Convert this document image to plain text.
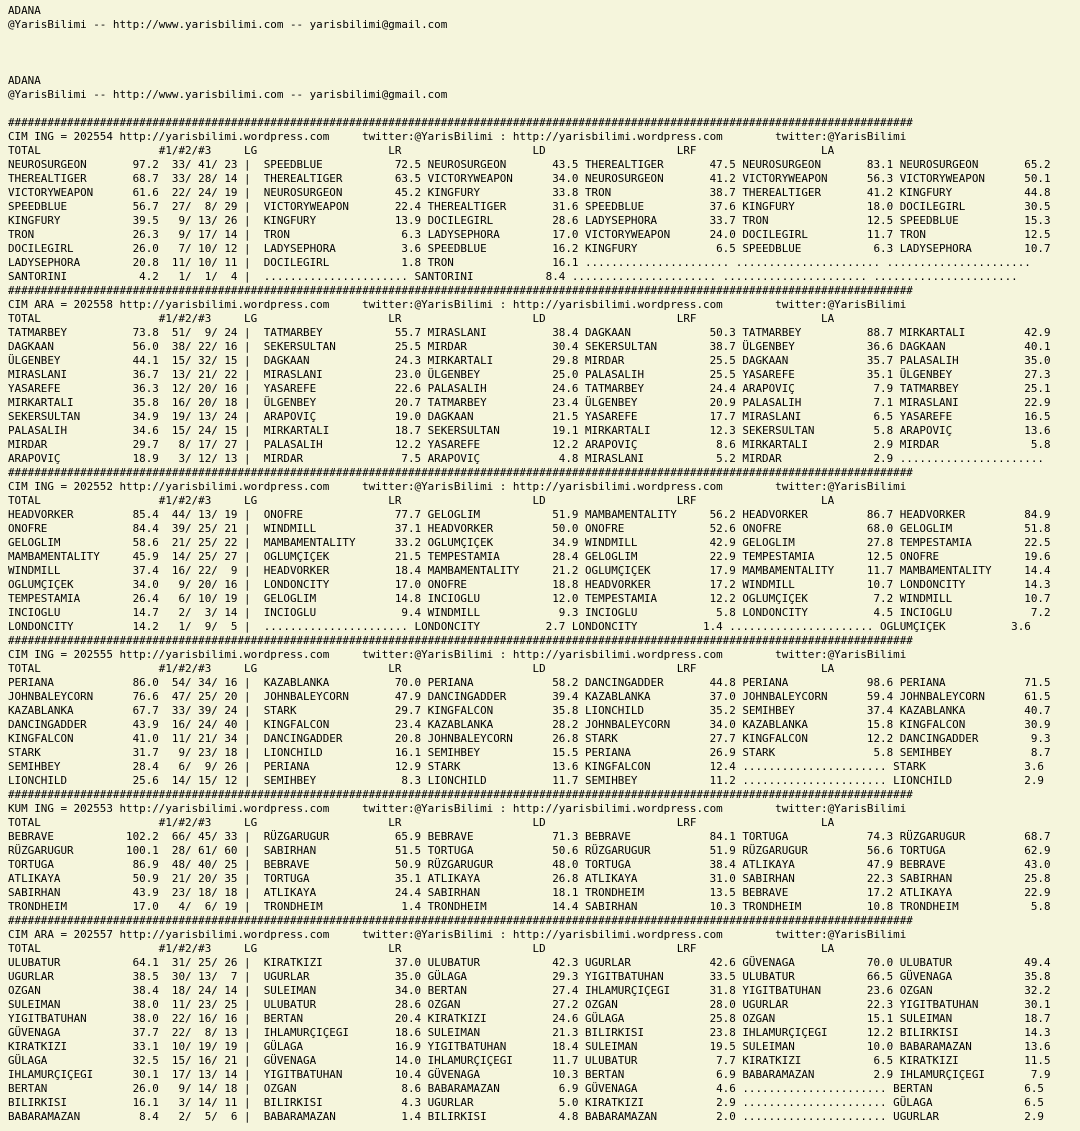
ADANA
@YarisBilimi -- http://www.yarisbilimi.com -- yarisbilimi@gmail.com
ADANA
@YarisBilimi -- http://www.yarisbilimi.com -- yarisbilimi@gmail.com
##########################################################################################################################################
CIM ING = 202554 http://yarisbilimi.wordpress.com     twitter:@YarisBilimi : http://yarisbilimi.wordpress.com        twitter:@YarisBilimi
TOTAL                  #1/#2/#3     LG                    LR                    LD                    LRF                   LA
NEUROSURGEON       97.2  33/ 41/ 23 |  SPEEDBLUE           72.5 NEUROSURGEON       43.5 THEREALTIGER       47.5 NEUROSURGEON       83.1 NEUROSURGEON       65.2
THEREALTIGER       68.7  33/ 28/ 14 |  THEREALTIGER        63.5 VICTORYWEAPON      34.0 NEUROSURGEON       41.2 VICTORYWEAPON      56.3 VICTORYWEAPON      50.1
VICTORYWEAPON      61.6  22/ 24/ 19 |  NEUROSURGEON        45.2 KINGFURY           33.8 TRON               38.7 THEREALTIGER       41.2 KINGFURY           44.8
SPEEDBLUE          56.7  27/  8/ 29 |  VICTORYWEAPON       22.4 THEREALTIGER       31.6 SPEEDBLUE          37.6 KINGFURY           18.0 DOCILEGIRL         30.5
KINGFURY           39.5   9/ 13/ 26 |  KINGFURY            13.9 DOCILEGIRL         28.6 LADYSEPHORA        33.7 TRON               12.5 SPEEDBLUE          15.3
TRON               26.3   9/ 17/ 14 |  TRON                 6.3 LADYSEPHORA        17.0 VICTORYWEAPON      24.0 DOCILEGIRL         11.7 TRON               12.5
DOCILEGIRL         26.0   7/ 10/ 12 |  LADYSEPHORA          3.6 SPEEDBLUE          16.2 KINGFURY            6.5 SPEEDBLUE           6.3 LADYSEPHORA        10.7
LADYSEPHORA        20.8  11/ 10/ 11 |  DOCILEGIRL           1.8 TRON               16.1 ...................... ...................... ......................
SANTORINI           4.2   1/  1/  4 |  ...................... SANTORINI           8.4 ...................... ...................... ......................
##########################################################################################################################################
CIM ARA = 202558 http://yarisbilimi.wordpress.com     twitter:@YarisBilimi : http://yarisbilimi.wordpress.com        twitter:@YarisBilimi
TOTAL                  #1/#2/#3     LG                    LR                    LD                    LRF                   LA
TATMARBEY          73.8  51/  9/ 24 |  TATMARBEY           55.7 MIRASLANI          38.4 DAGKAAN            50.3 TATMARBEY          88.7 MIRKARTALI         42.9
DAGKAAN            56.0  38/ 22/ 16 |  SEKERSULTAN         25.5 MIRDAR             30.4 SEKERSULTAN        38.7 ÜLGENBEY           36.6 DAGKAAN            40.1
ÜLGENBEY           44.1  15/ 32/ 15 |  DAGKAAN             24.3 MIRKARTALI         29.8 MIRDAR             25.5 DAGKAAN            35.7 PALASALIH          35.0
MIRASLANI          36.7  13/ 21/ 22 |  MIRASLANI           23.0 ÜLGENBEY           25.0 PALASALIH          25.5 YASAREFE           35.1 ÜLGENBEY           27.3
YASAREFE           36.3  12/ 20/ 16 |  YASAREFE            22.6 PALASALIH          24.6 TATMARBEY          24.4 ARAPOVIÇ            7.9 TATMARBEY          25.1
MIRKARTALI         35.8  16/ 20/ 18 |  ÜLGENBEY            20.7 TATMARBEY          23.4 ÜLGENBEY           20.9 PALASALIH           7.1 MIRASLANI          22.9
SEKERSULTAN        34.9  19/ 13/ 24 |  ARAPOVIÇ            19.0 DAGKAAN            21.5 YASAREFE           17.7 MIRASLANI           6.5 YASAREFE           16.5
PALASALIH          34.6  15/ 24/ 15 |  MIRKARTALI          18.7 SEKERSULTAN        19.1 MIRKARTALI         12.3 SEKERSULTAN         5.8 ARAPOVIÇ           13.6
MIRDAR             29.7   8/ 17/ 27 |  PALASALIH           12.2 YASAREFE           12.2 ARAPOVIÇ            8.6 MIRKARTALI          2.9 MIRDAR              5.8
ARAPOVIÇ           18.9   3/ 12/ 13 |  MIRDAR               7.5 ARAPOVIÇ            4.8 MIRASLANI           5.2 MIRDAR              2.9 ......................
##########################################################################################################################################
CIM ING = 202552 http://yarisbilimi.wordpress.com     twitter:@YarisBilimi : http://yarisbilimi.wordpress.com        twitter:@YarisBilimi
TOTAL                  #1/#2/#3     LG                    LR                    LD                    LRF                   LA
HEADVORKER         85.4  44/ 13/ 19 |  ONOFRE              77.7 GELOGLIM           51.9 MAMBAMENTALITY     56.2 HEADVORKER         86.7 HEADVORKER         84.9
ONOFRE             84.4  39/ 25/ 21 |  WINDMILL            37.1 HEADVORKER         50.0 ONOFRE             52.6 ONOFRE             68.0 GELOGLIM           51.8
GELOGLIM           58.6  21/ 25/ 22 |  MAMBAMENTALITY      33.2 OGLUMÇIÇEK         34.9 WINDMILL           42.9 GELOGLIM           27.8 TEMPESTAMIA        22.5
MAMBAMENTALITY     45.9  14/ 25/ 27 |  OGLUMÇIÇEK          21.5 TEMPESTAMIA        28.4 GELOGLIM           22.9 TEMPESTAMIA        12.5 ONOFRE             19.6
WINDMILL           37.4  16/ 22/  9 |  HEADVORKER          18.4 MAMBAMENTALITY     21.2 OGLUMÇIÇEK         17.9 MAMBAMENTALITY     11.7 MAMBAMENTALITY     14.4
OGLUMÇIÇEK         34.0   9/ 20/ 16 |  LONDONCITY          17.0 ONOFRE             18.8 HEADVORKER         17.2 WINDMILL           10.7 LONDONCITY         14.3
TEMPESTAMIA        26.4   6/ 10/ 19 |  GELOGLIM            14.8 INCIOGLU           12.0 TEMPESTAMIA        12.2 OGLUMÇIÇEK          7.2 WINDMILL           10.7
INCIOGLU           14.7   2/  3/ 14 |  INCIOGLU             9.4 WINDMILL            9.3 INCIOGLU            5.8 LONDONCITY          4.5 INCIOGLU            7.2
LONDONCITY         14.2   1/  9/  5 |  ...................... LONDONCITY          2.7 LONDONCITY          1.4 ...................... OGLUMÇIÇEK          3.6
##########################################################################################################################################
CIM ING = 202555 http://yarisbilimi.wordpress.com     twitter:@YarisBilimi : http://yarisbilimi.wordpress.com        twitter:@YarisBilimi
TOTAL                  #1/#2/#3     LG                    LR                    LD                    LRF                   LA
PERIANA            86.0  54/ 34/ 16 |  KAZABLANKA          70.0 PERIANA            58.2 DANCINGADDER       44.8 PERIANA            98.6 PERIANA            71.5
JOHNBALEYCORN      76.6  47/ 25/ 20 |  JOHNBALEYCORN       47.9 DANCINGADDER       39.4 KAZABLANKA         37.0 JOHNBALEYCORN      59.4 JOHNBALEYCORN      61.5
KAZABLANKA         67.7  33/ 39/ 24 |  STARK               29.7 KINGFALCON         35.8 LIONCHILD          35.2 SEMIHBEY           37.4 KAZABLANKA         40.7
DANCINGADDER       43.9  16/ 24/ 40 |  KINGFALCON          23.4 KAZABLANKA         28.2 JOHNBALEYCORN      34.0 KAZABLANKA         15.8 KINGFALCON         30.9
KINGFALCON         41.0  11/ 21/ 34 |  DANCINGADDER        20.8 JOHNBALEYCORN      26.8 STARK              27.7 KINGFALCON         12.2 DANCINGADDER        9.3
STARK              31.7   9/ 23/ 18 |  LIONCHILD           16.1 SEMIHBEY           15.5 PERIANA            26.9 STARK               5.8 SEMIHBEY            8.7
SEMIHBEY           28.4   6/  9/ 26 |  PERIANA             12.9 STARK              13.6 KINGFALCON         12.4 ...................... STARK               3.6
LIONCHILD          25.6  14/ 15/ 12 |  SEMIHBEY             8.3 LIONCHILD          11.7 SEMIHBEY           11.2 ...................... LIONCHILD           2.9
##########################################################################################################################################
KUM ING = 202553 http://yarisbilimi.wordpress.com     twitter:@YarisBilimi : http://yarisbilimi.wordpress.com        twitter:@YarisBilimi
TOTAL                  #1/#2/#3     LG                    LR                    LD                    LRF                   LA
BEBRAVE           102.2  66/ 45/ 33 |  RÜZGARUGUR          65.9 BEBRAVE            71.3 BEBRAVE            84.1 TORTUGA            74.3 RÜZGARUGUR         68.7
RÜZGARUGUR        100.1  28/ 61/ 60 |  SABIRHAN            51.5 TORTUGA            50.6 RÜZGARUGUR         51.9 RÜZGARUGUR         56.6 TORTUGA            62.9
TORTUGA            86.9  48/ 40/ 25 |  BEBRAVE             50.9 RÜZGARUGUR         48.0 TORTUGA            38.4 ATLIKAYA           47.9 BEBRAVE            43.0
ATLIKAYA           50.9  21/ 20/ 35 |  TORTUGA             35.1 ATLIKAYA           26.8 ATLIKAYA           31.0 SABIRHAN           22.3 SABIRHAN           25.8
SABIRHAN           43.9  23/ 18/ 18 |  ATLIKAYA            24.4 SABIRHAN           18.1 TRONDHEIM          13.5 BEBRAVE            17.2 ATLIKAYA           22.9
TRONDHEIM          17.0   4/  6/ 19 |  TRONDHEIM            1.4 TRONDHEIM          14.4 SABIRHAN           10.3 TRONDHEIM          10.8 TRONDHEIM           5.8
##########################################################################################################################################
CIM ARA = 202557 http://yarisbilimi.wordpress.com     twitter:@YarisBilimi : http://yarisbilimi.wordpress.com        twitter:@YarisBilimi
TOTAL                  #1/#2/#3     LG                    LR                    LD                    LRF                   LA
ULUBATUR           64.1  31/ 25/ 26 |  KIRATKIZI           37.0 ULUBATUR           42.3 UGURLAR            42.6 GÜVENAGA           70.0 ULUBATUR           49.4
UGURLAR            38.5  30/ 13/  7 |  UGURLAR             35.0 GÜLAGA             29.3 YIGITBATUHAN       33.5 ULUBATUR           66.5 GÜVENAGA           35.8
OZGAN              38.4  18/ 24/ 14 |  SULEIMAN            34.0 BERTAN             27.4 IHLAMURÇIÇEGI      31.8 YIGITBATUHAN       23.6 OZGAN              32.2
SULEIMAN           38.0  11/ 23/ 25 |  ULUBATUR            28.6 OZGAN              27.2 OZGAN              28.0 UGURLAR            22.3 YIGITBATUHAN       30.1
YIGITBATUHAN       38.0  22/ 16/ 16 |  BERTAN              20.4 KIRATKIZI          24.6 GÜLAGA             25.8 OZGAN              15.1 SULEIMAN           18.7
GÜVENAGA           37.7  22/  8/ 13 |  IHLAMURÇIÇEGI       18.6 SULEIMAN           21.3 BILIRKISI          23.8 IHLAMURÇIÇEGI      12.2 BILIRKISI          14.3
KIRATKIZI          33.1  10/ 19/ 19 |  GÜLAGA              16.9 YIGITBATUHAN       18.4 SULEIMAN           19.5 SULEIMAN           10.0 BABARAMAZAN        13.6
GÜLAGA             32.5  15/ 16/ 21 |  GÜVENAGA            14.0 IHLAMURÇIÇEGI      11.7 ULUBATUR            7.7 KIRATKIZI           6.5 KIRATKIZI          11.5
IHLAMURÇIÇEGI      30.1  17/ 13/ 14 |  YIGITBATUHAN        10.4 GÜVENAGA           10.3 BERTAN              6.9 BABARAMAZAN         2.9 IHLAMURÇIÇEGI       7.9
BERTAN             26.0   9/ 14/ 18 |  OZGAN                8.6 BABARAMAZAN         6.9 GÜVENAGA            4.6 ...................... BERTAN              6.5
BILIRKISI          16.1   3/ 14/ 11 |  BILIRKISI            4.3 UGURLAR             5.0 KIRATKIZI           2.9 ...................... GÜLAGA              6.5
BABARAMAZAN         8.4   2/  5/  6 |  BABARAMAZAN          1.4 BILIRKISI           4.8 BABARAMAZAN         2.0 ...................... UGURLAR             2.9
